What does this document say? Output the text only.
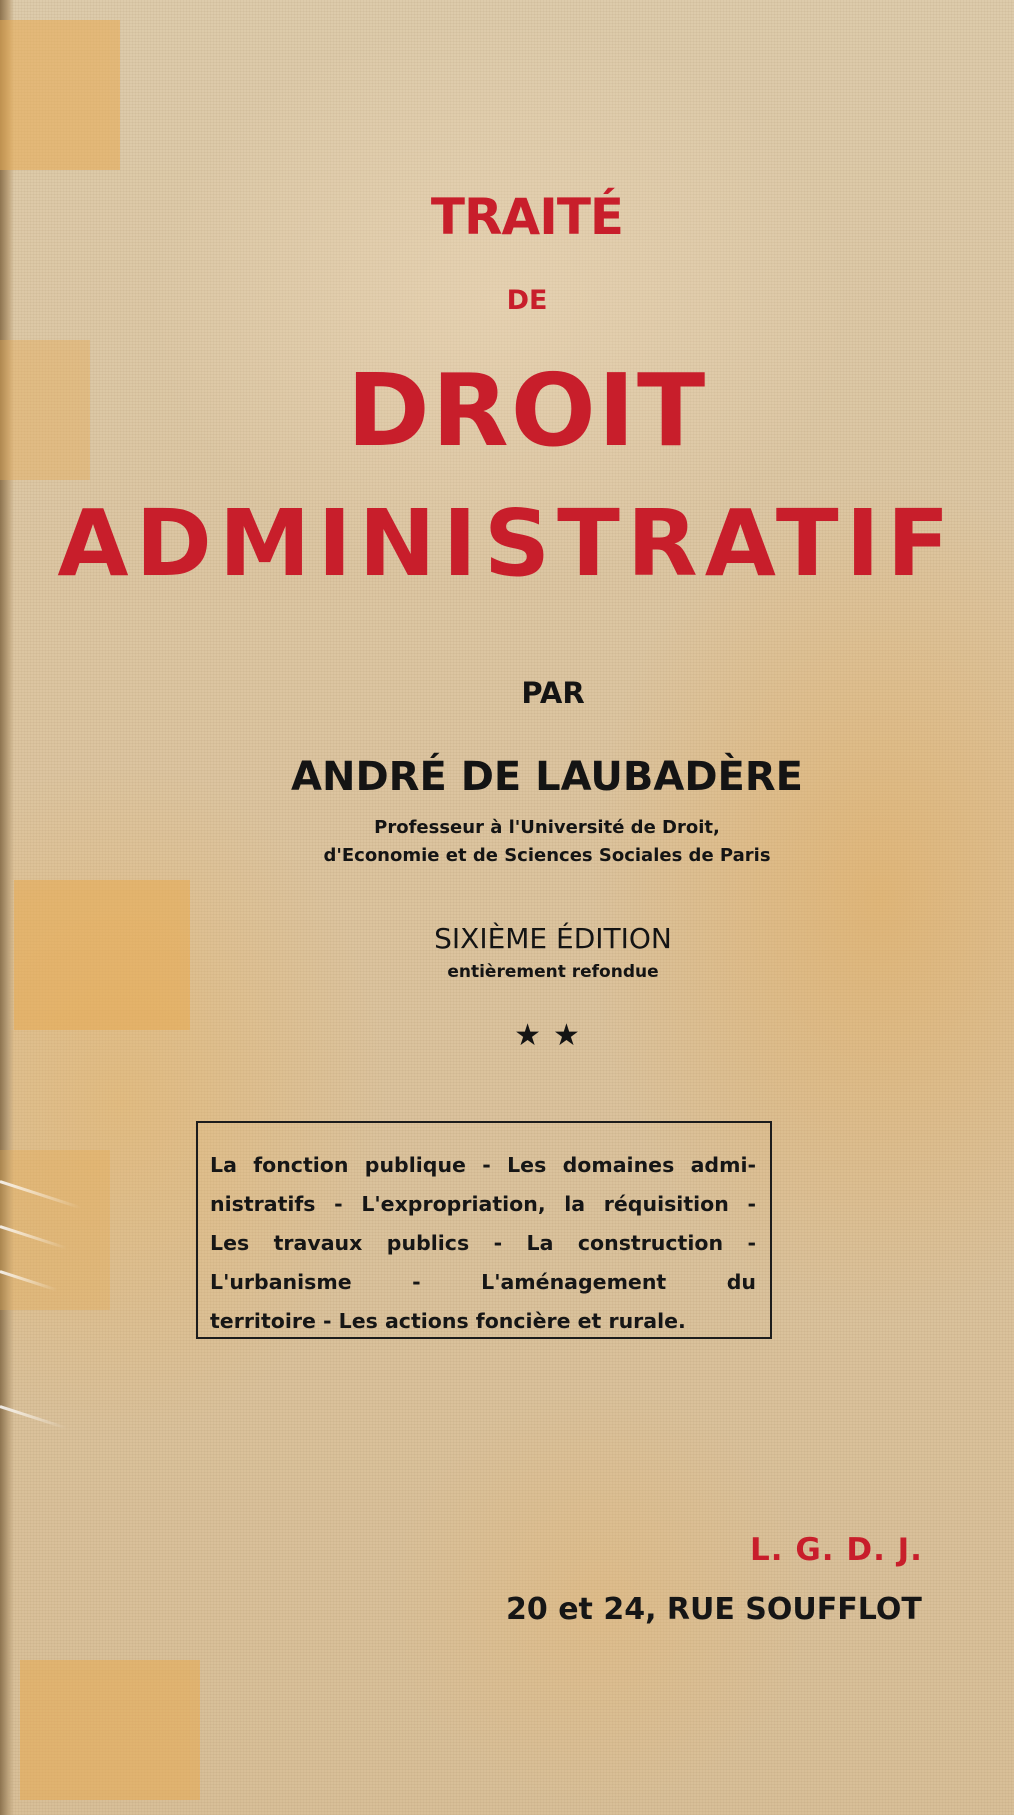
TRAITÉ
DE
DROIT
ADMINISTRATIF
PAR
ANDRÉ DE LAUBADÈRE
Professeur à l'Université de Droit,
d'Economie et de Sciences Sociales de Paris
SIXIÈME ÉDITION
entièrement refondue
★★
La fonction publique - Les domaines admi-
nistratifs - L'expropriation, la réquisition -
Les travaux publics - La construction -
L'urbanisme - L'aménagement du
territoire - Les actions foncière et rurale.
L. G. D. J.
20 et 24, RUE SOUFFLOT
